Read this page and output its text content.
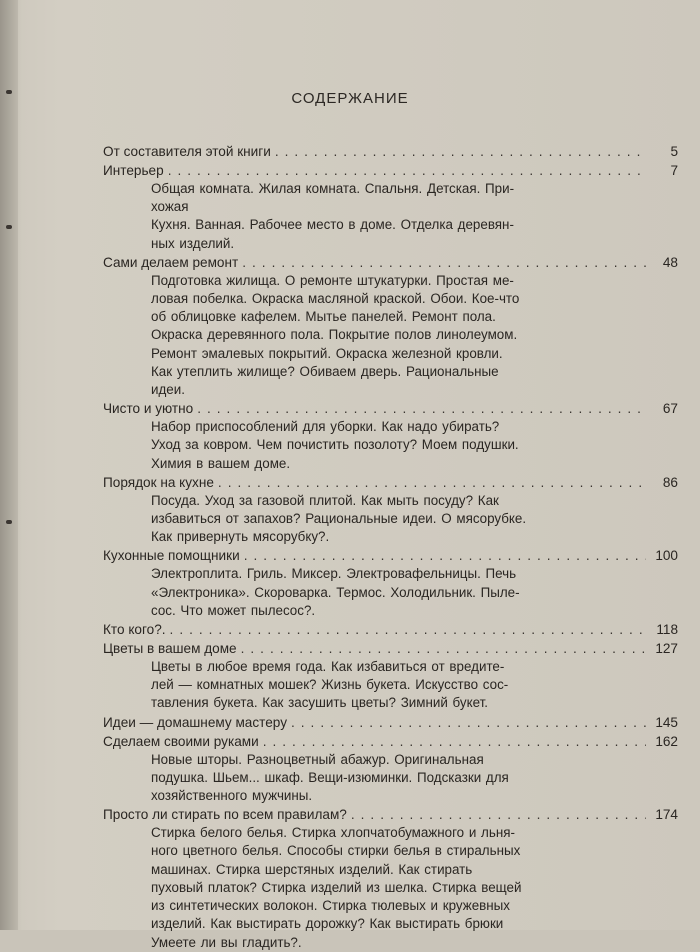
СОДЕРЖАНИЕ
От составителя этой книги .....	5
Интерьер .....	7
Общая комната. Жилая комната. Спальня. Детская. При-
хожая
Кухня. Ванная. Рабочее место в доме. Отделка деревян-
ных изделий.
Сами делаем ремонт .....	48
Подготовка жилища. О ремонте штукатурки. Простая ме-
ловая побелка. Окраска масляной краской. Обои. Кое-что
об облицовке кафелем. Мытье панелей. Ремонт пола.
Окраска деревянного пола. Покрытие полов линолеумом.
Ремонт эмалевых покрытий. Окраска железной кровли.
Как утеплить жилище? Обиваем дверь. Рациональные
идеи.
Чисто и уютно .....	67
Набор приспособлений для уборки. Как надо убирать?
Уход за ковром. Чем почистить позолоту? Моем подушки.
Химия в вашем доме.
Порядок на кухне .....	86
Посуда. Уход за газовой плитой. Как мыть посуду? Как
избавиться от запахов? Рациональные идеи. О мясорубке.
Как привернуть мясорубку?.
Кухонные помощники .....	100
Электроплита. Гриль. Миксер. Электровафельницы. Печь
«Электроника». Скороварка. Термос. Холодильник. Пыле-
сос. Что может пылесос?.
Кто кого?. .....	118
Цветы в вашем доме .....	127
Цветы в любое время года. Как избавиться от вредите-
лей — комнатных мошек? Жизнь букета. Искусство сос-
тавления букета. Как засушить цветы? Зимний букет.
Идеи — домашнему мастеру .....	145
Сделаем своими руками .....	162
Новые шторы. Разноцветный абажур. Оригинальная
подушка. Шьем... шкаф. Вещи-изюминки. Подсказки для
хозяйственного мужчины.
Просто ли стирать по всем правилам? .....	174
Стирка белого белья. Стирка хлопчатобумажного и льня-
ного цветного белья. Способы стирки белья в стиральных
машинах. Стирка шерстяных изделий. Как стирать
пуховый платок? Стирка изделий из шелка. Стирка вещей
из синтетических волокон. Стирка тюлевых и кружевных
изделий. Как выстирать дорожку? Как выстирать брюки
Умеете ли вы гладить?.
